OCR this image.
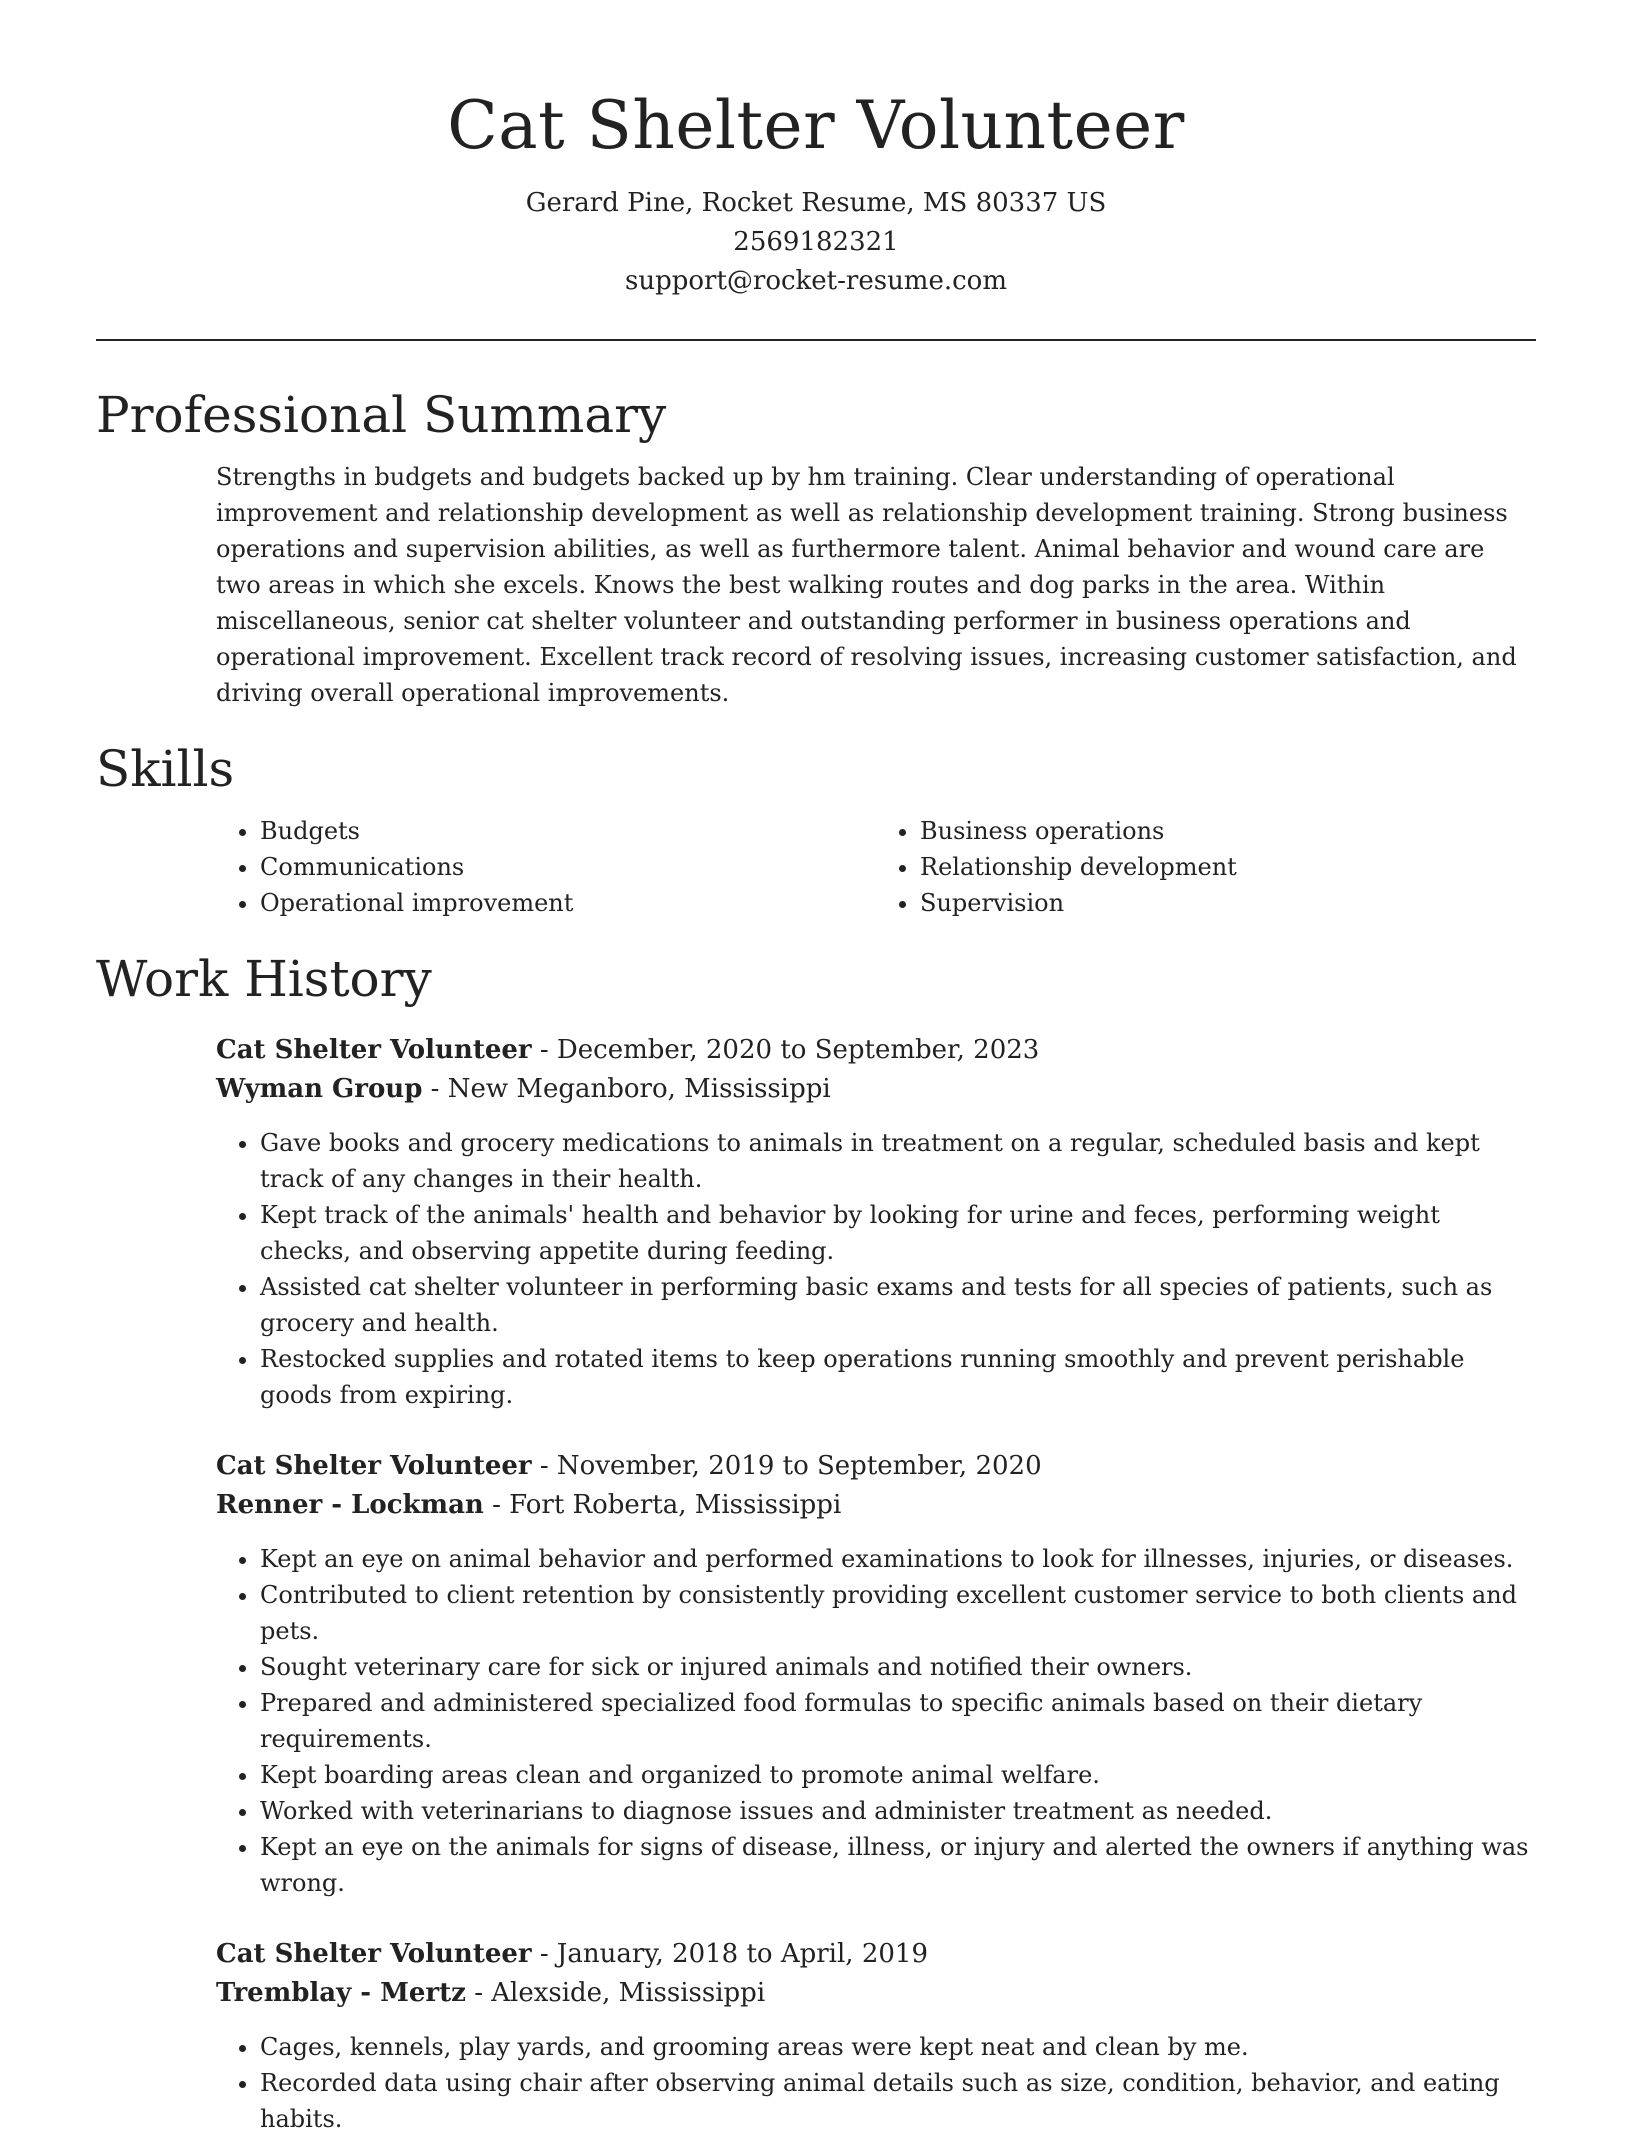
Cat Shelter Volunteer
Gerard Pine, Rocket Resume, MS 80337 US
2569182321
support@rocket-resume.com
Professional Summary

Strengths in budgets and budgets backed up by hm training. Clear understanding of operational improvement and relationship development as well as relationship development training. Strong business operations and supervision abilities, as well as furthermore talent. Animal behavior and wound care are two areas in which she excels. Knows the best walking routes and dog parks in the area. Within miscellaneous, senior cat shelter volunteer and outstanding performer in business operations and operational improvement. Excellent track record of resolving issues, increasing customer satisfaction, and driving overall operational improvements.

Skills
• Budgets
• Communications
• Operational improvement
• Business operations
• Relationship development
• Supervision
Work History
Cat Shelter Volunteer - December, 2020 to September, 2023
Wyman Group - New Meganboro, Mississippi
• Gave books and grocery medications to animals in treatment on a regular, scheduled basis and kept track of any changes in their health.
• Kept track of the animals' health and behavior by looking for urine and feces, performing weight checks, and observing appetite during feeding.
• Assisted cat shelter volunteer in performing basic exams and tests for all species of patients, such as grocery and health.
• Restocked supplies and rotated items to keep operations running smoothly and prevent perishable goods from expiring.
Cat Shelter Volunteer - November, 2019 to September, 2020
Renner - Lockman - Fort Roberta, Mississippi
• Kept an eye on animal behavior and performed examinations to look for illnesses, injuries, or diseases.
• Contributed to client retention by consistently providing excellent customer service to both clients and pets.
• Sought veterinary care for sick or injured animals and notified their owners.
• Prepared and administered specialized food formulas to specific animals based on their dietary requirements.
• Kept boarding areas clean and organized to promote animal welfare.
• Worked with veterinarians to diagnose issues and administer treatment as needed.
• Kept an eye on the animals for signs of disease, illness, or injury and alerted the owners if anything was wrong.
Cat Shelter Volunteer - January, 2018 to April, 2019
Tremblay - Mertz - Alexside, Mississippi
• Cages, kennels, play yards, and grooming areas were kept neat and clean by me.
• Recorded data using chair after observing animal details such as size, condition, behavior, and eating habits.
